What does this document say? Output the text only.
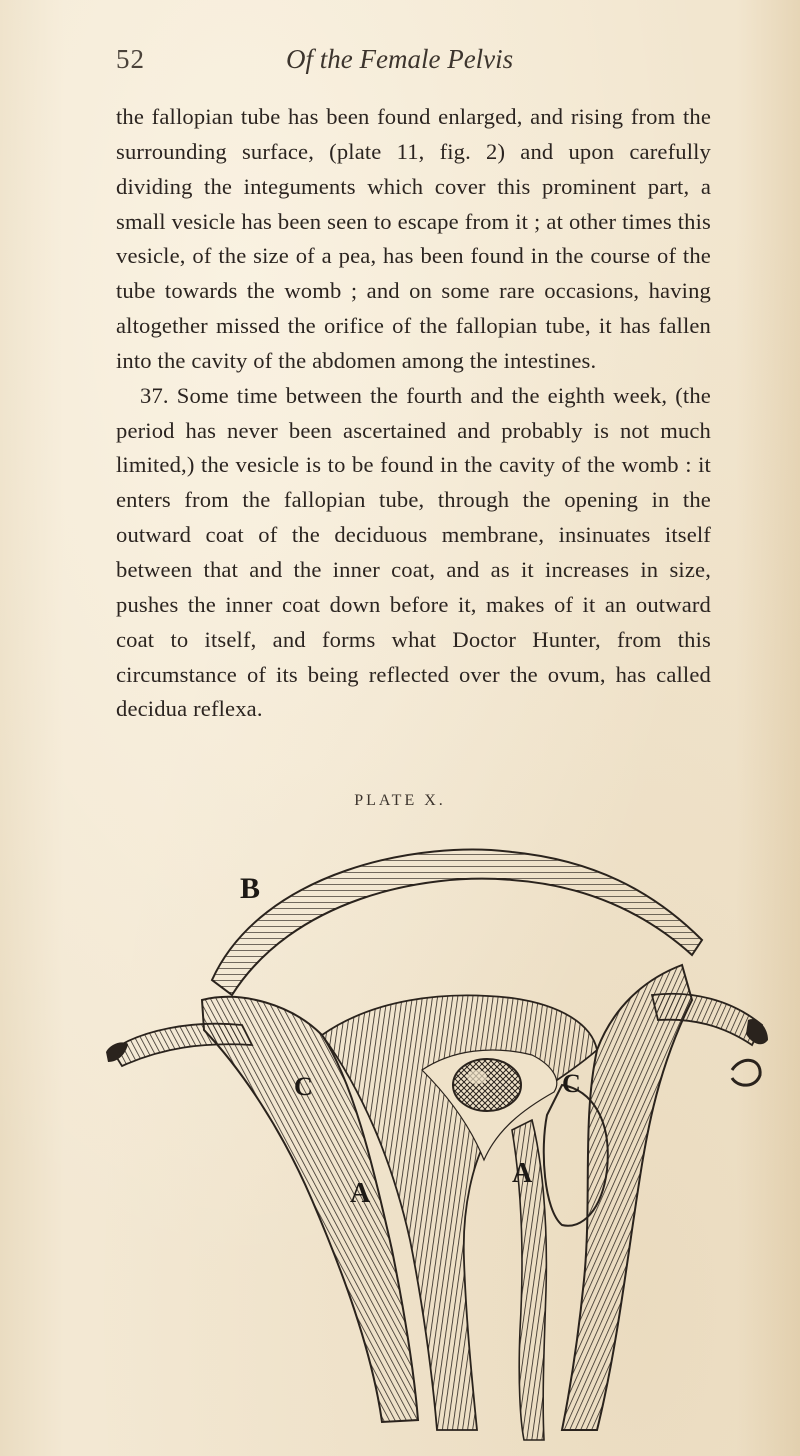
52	Of the Female Pelvis

the fallopian tube has been found enlarged, and rising from the surrounding surface, (plate 11, fig. 2) and upon carefully dividing the integuments which cover this prominent part, a small vesicle has been seen to escape from it ; at other times this vesicle, of the size of a pea, has been found in the course of the tube towards the womb ; and on some rare occasions, having altogether missed the orifice of the fallopian tube, it has fallen into the cavity of the abdomen among the intestines.

37. Some time between the fourth and the eighth week, (the period has never been ascertained and probably is not much limited,) the vesicle is to be found in the cavity of the womb : it enters from the fallopian tube, through the opening in the outward coat of the deciduous membrane, insinuates itself between that and the inner coat, and as it increases in size, pushes the inner coat down before it, makes of it an outward coat to itself, and forms what Doctor Hunter, from this circumstance of its being reflected over the ovum, has called decidua reflexa.

PLATE X.
B
C	C
A
A
